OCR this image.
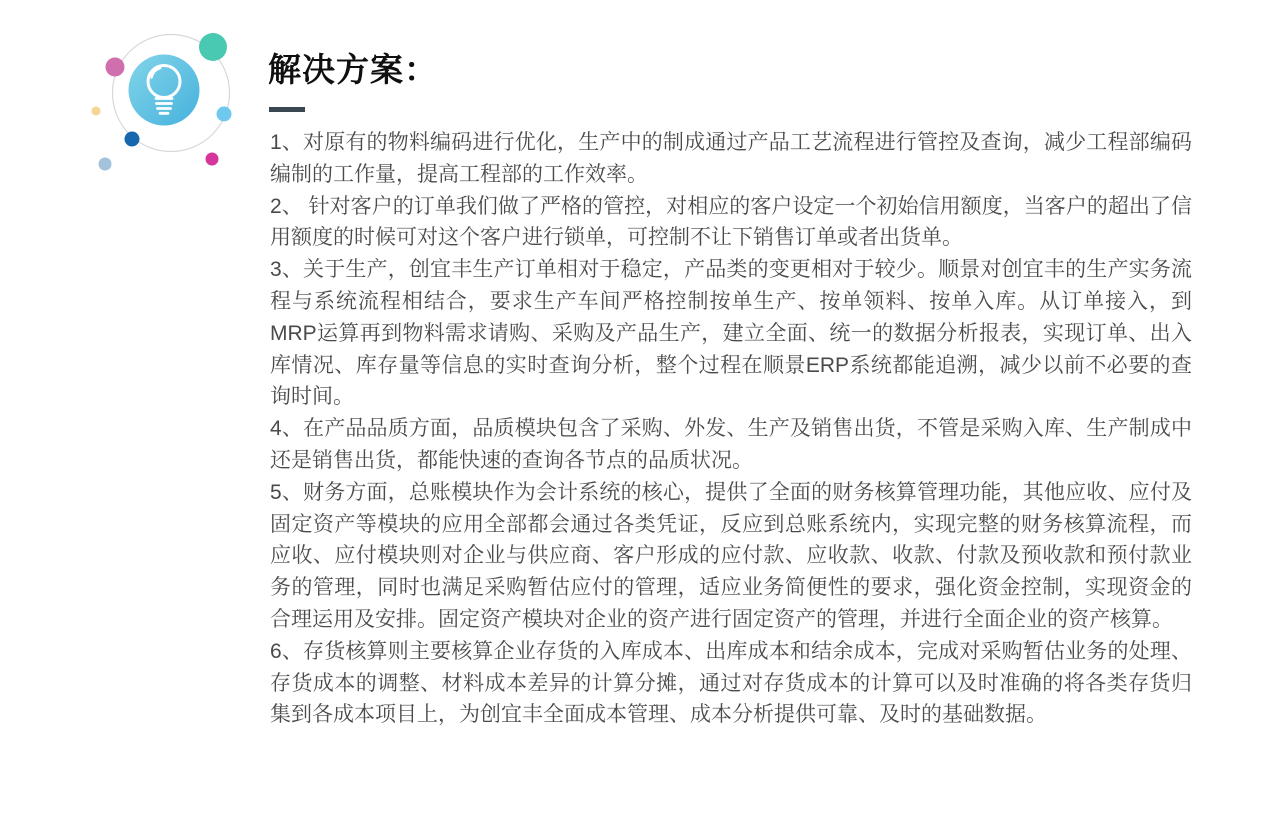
解决方案：

1、对原有的物料编码进行优化，生产中的制成通过产品工艺流程进行管控及查询，减少工程部编码编制的工作量，提高工程部的工作效率。

2、 针对客户的订单我们做了严格的管控，对相应的客户设定一个初始信用额度，当客户的超出了信用额度的时候可对这个客户进行锁单，可控制不让下销售订单或者出货单。

3、关于生产，创宜丰生产订单相对于稳定，产品类的变更相对于较少。顺景对创宜丰的生产实务流程与系统流程相结合，要求生产车间严格控制按单生产、按单领料、按单入库。从订单接入，到MRP运算再到物料需求请购、采购及产品生产，建立全面、统一的数据分析报表，实现订单、出入库情况、库存量等信息的实时查询分析，整个过程在顺景ERP系统都能追溯，减少以前不必要的查询时间。

4、在产品品质方面，品质模块包含了采购、外发、生产及销售出货，不管是采购入库、生产制成中还是销售出货，都能快速的查询各节点的品质状况。

5、财务方面，总账模块作为会计系统的核心，提供了全面的财务核算管理功能，其他应收、应付及固定资产等模块的应用全部都会通过各类凭证，反应到总账系统内，实现完整的财务核算流程，而应收、应付模块则对企业与供应商、客户形成的应付款、应收款、收款、付款及预收款和预付款业务的管理，同时也满足采购暂估应付的管理，适应业务简便性的要求，强化资金控制，实现资金的合理运用及安排。固定资产模块对企业的资产进行固定资产的管理，并进行全面企业的资产核算。

6、存货核算则主要核算企业存货的入库成本、出库成本和结余成本，完成对采购暂估业务的处理、存货成本的调整、材料成本差异的计算分摊，通过对存货成本的计算可以及时准确的将各类存货归集到各成本项目上，为创宜丰全面成本管理、成本分析提供可靠、及时的基础数据。
